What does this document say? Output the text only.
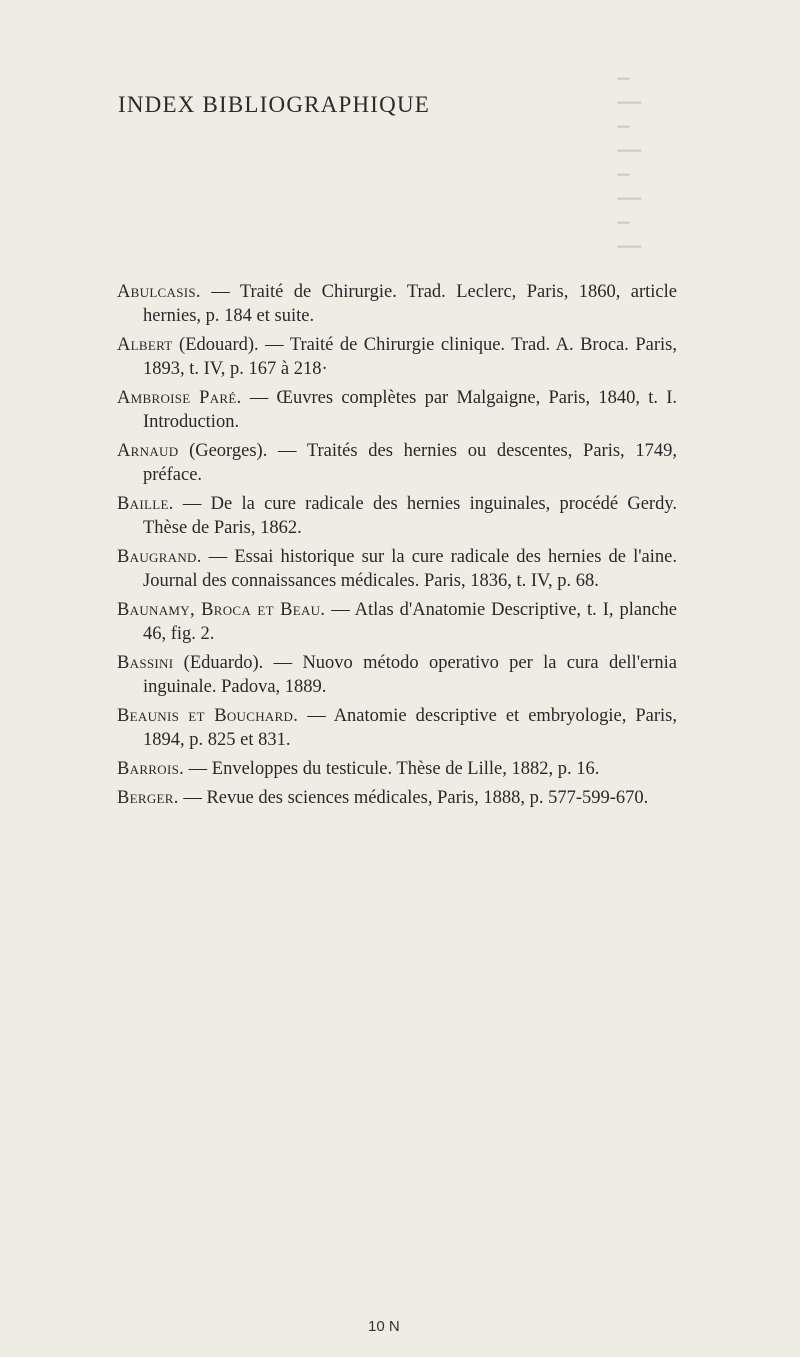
▁
▁▁
▁
▁▁
▁
▁▁
▁
▁▁
INDEX BIBLIOGRAPHIQUE

Abulcasis. — Traité de Chirurgie. Trad. Leclerc, Paris, 1860, article hernies, p. 184 et suite.

Albert (Edouard). — Traité de Chirurgie clinique. Trad. A. Broca. Paris, 1893, t. IV, p. 167 à 218·

Ambroise Paré. — Œuvres complètes par Malgaigne, Paris, 1840, t. I. Introduction.

Arnaud (Georges). — Traités des hernies ou descentes, Paris, 1749, préface.

Baille. — De la cure radicale des hernies inguinales, procédé Gerdy. Thèse de Paris, 1862.

Baugrand. — Essai historique sur la cure radicale des hernies de l'aine. Journal des connaissances médicales. Paris, 1836, t. IV, p. 68.

Baunamy, Broca et Beau. — Atlas d'Anatomie Descriptive, t. I, planche 46, fig. 2.

Bassini (Eduardo). — Nuovo método operativo per la cura dell'ernia inguinale. Padova, 1889.

Beaunis et Bouchard. — Anatomie descriptive et embryologie, Paris, 1894, p. 825 et 831.

Barrois. — Enveloppes du testicule. Thèse de Lille, 1882, p. 16.

Berger. — Revue des sciences médicales, Paris, 1888, p. 577-599-670.

10 N
